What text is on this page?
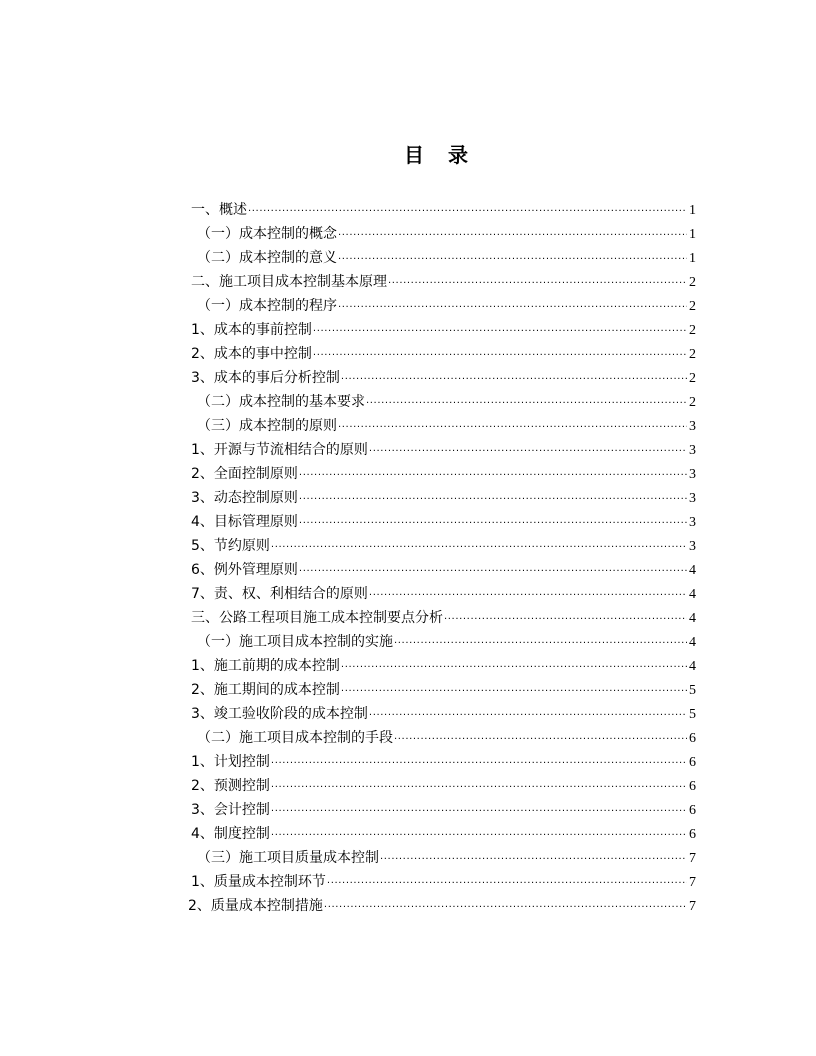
目 录
一、概述 ·····	1
（一）成本控制的概念 ·····	1
（二）成本控制的意义 ·····	1
二、施工项目成本控制基本原理 ·····	2
（一）成本控制的程序 ·····	2
1、成本的事前控制 ·····	2
2、成本的事中控制 ·····	2
3、成本的事后分析控制 ·····	2
（二）成本控制的基本要求 ·····	2
（三）成本控制的原则 ·····	3
1、开源与节流相结合的原则 ·····	3
2、全面控制原则 ·····	3
3、动态控制原则 ·····	3
4、目标管理原则 ·····	3
5、节约原则 ·····	3
6、例外管理原则 ·····	4
7、责、权、利相结合的原则 ·····	4
三、公路工程项目施工成本控制要点分析 ·····	4
（一）施工项目成本控制的实施 ·····	4
1、施工前期的成本控制 ·····	4
2、施工期间的成本控制 ·····	5
3、竣工验收阶段的成本控制 ·····	5
（二）施工项目成本控制的手段 ·····	6
1、计划控制 ·····	6
2、预测控制 ·····	6
3、会计控制 ·····	6
4、制度控制 ·····	6
（三）施工项目质量成本控制 ·····	7
1、质量成本控制环节 ·····	7
2、质量成本控制措施 ·····	7
